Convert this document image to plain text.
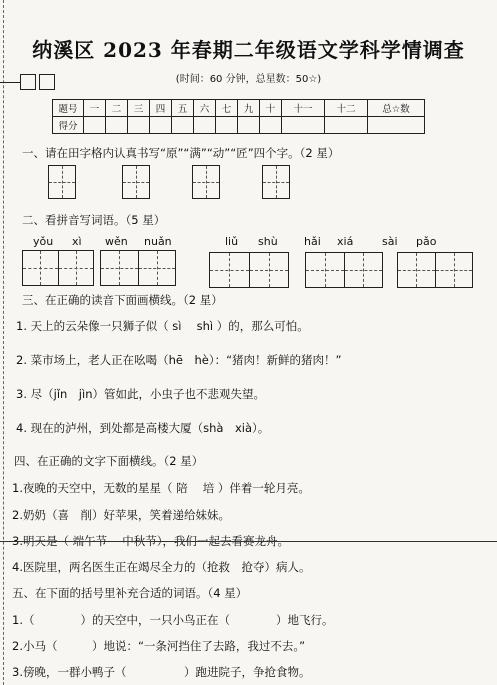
纳溪区 2023 年春期二年级语文学科学情调查
(时间：60 分钟，总星数：50☆)
题号	一	二	三	四	五	六	七	九	十	十一	十二	总☆数
得分												
一、请在田字格内认真书写“原”“满”“动”“匠”四个字。（2 星）
二、看拼音写词语。（5 星）
yǒu xì wěn nuǎn	liǔ shù hǎi xiá	sài pǎo
三、在正确的读音下面画横线。（2 星）
1. 天上的云朵像一只狮子似（ sì　 shì ）的，那么可怕。
2. 菜市场上，老人正在吆喝（hē　hè）：“猪肉！新鲜的猪肉！”
3. 尽（jǐn　jìn）管如此，小虫子也不悲观失望。
4. 现在的泸州，到处都是高楼大厦（shà　xià）。
四、在正确的文字下面横线。（2 星）
1.夜晚的天空中，无数的星星（ 陪　 培 ）伴着一轮月亮。
2.奶奶（喜　削）好苹果，笑着递给妹妹。
3.明天是（ 端午节　 中秋节），我们一起去看赛龙舟。
4.医院里，两名医生正在竭尽全力的（抢救　抢夺）病人。
五、在下面的括号里补充合适的词语。（4 星）
1.（　　　　）的天空中，一只小鸟正在（　　　　）地飞行。
2.小马（　　　）地说：“一条河挡住了去路，我过不去。”
3.傍晚，一群小鸭子（　　　　　）跑进院子，争抢食物。
